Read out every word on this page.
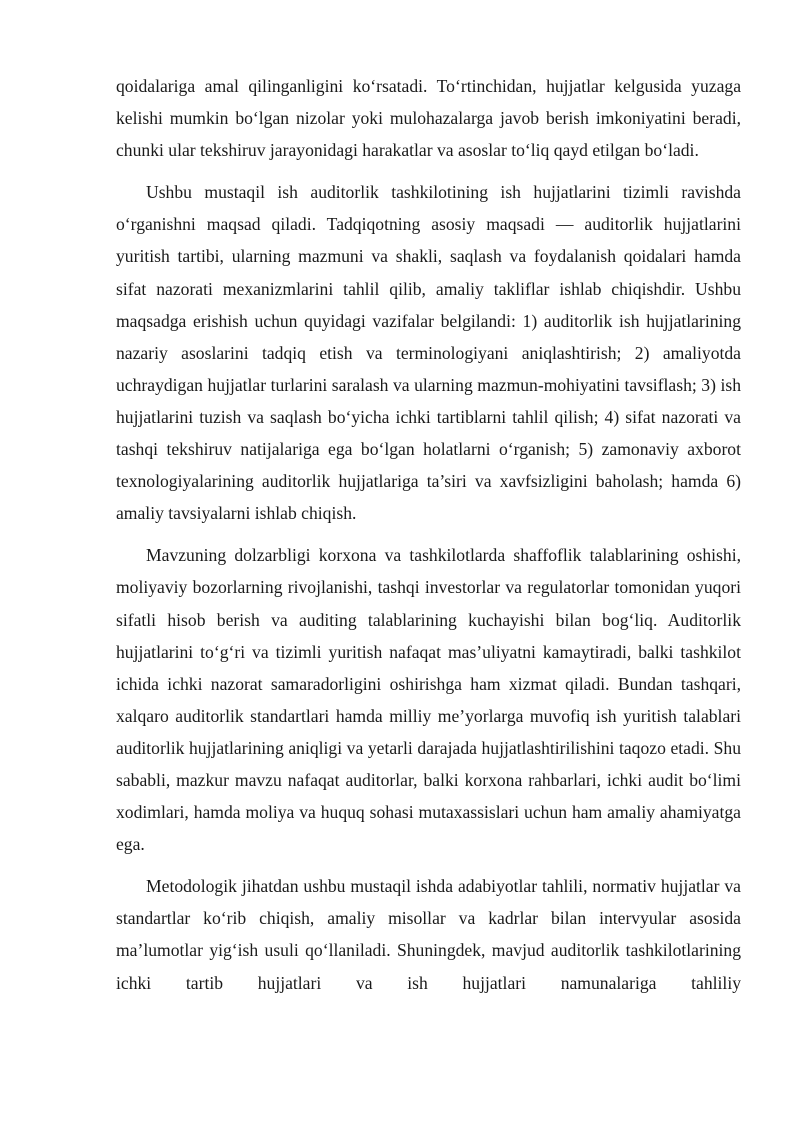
qoidalariga amal qilinganligini ko‘rsatadi. To‘rtinchidan, hujjatlar kelgusida yuzaga kelishi mumkin bo‘lgan nizolar yoki mulohazalarga javob berish imkoniyatini beradi, chunki ular tekshiruv jarayonidagi harakatlar va asoslar to‘liq qayd etilgan bo‘ladi.

Ushbu mustaqil ish auditorlik tashkilotining ish hujjatlarini tizimli ravishda o‘rganishni maqsad qiladi. Tadqiqotning asosiy maqsadi — auditorlik hujjatlarini yuritish tartibi, ularning mazmuni va shakli, saqlash va foydalanish qoidalari hamda sifat nazorati mexanizmlarini tahlil qilib, amaliy takliflar ishlab chiqishdir. Ushbu maqsadga erishish uchun quyidagi vazifalar belgilandi: 1) auditorlik ish hujjatlarining nazariy asoslarini tadqiq etish va terminologiyani aniqlashtirish; 2) amaliyotda uchraydigan hujjatlar turlarini saralash va ularning mazmun-mohiyatini tavsiflash; 3) ish hujjatlarini tuzish va saqlash bo‘yicha ichki tartiblarni tahlil qilish; 4) sifat nazorati va tashqi tekshiruv natijalariga ega bo‘lgan holatlarni o‘rganish; 5) zamonaviy axborot texnologiyalarining auditorlik hujjatlariga ta’siri va xavfsizligini baholash; hamda 6) amaliy tavsiyalarni ishlab chiqish.

Mavzuning dolzarbligi korxona va tashkilotlarda shaffoflik talablarining oshishi, moliyaviy bozorlarning rivojlanishi, tashqi investorlar va regulatorlar tomonidan yuqori sifatli hisob berish va auditing talablarining kuchayishi bilan bog‘liq. Auditorlik hujjatlarini to‘g‘ri va tizimli yuritish nafaqat mas’uliyatni kamaytiradi, balki tashkilot ichida ichki nazorat samaradorligini oshirishga ham xizmat qiladi. Bundan tashqari, xalqaro auditorlik standartlari hamda milliy me’yorlarga muvofiq ish yuritish talablari auditorlik hujjatlarining aniqligi va yetarli darajada hujjatlashtirilishini taqozo etadi. Shu sababli, mazkur mavzu nafaqat auditorlar, balki korxona rahbarlari, ichki audit bo‘limi xodimlari, hamda moliya va huquq sohasi mutaxassislari uchun ham amaliy ahamiyatga ega.

Metodologik jihatdan ushbu mustaqil ishda adabiyotlar tahlili, normativ hujjatlar va standartlar ko‘rib chiqish, amaliy misollar va kadrlar bilan intervyular asosida ma’lumotlar yig‘ish usuli qo‘llaniladi. Shuningdek, mavjud auditorlik tashkilotlarining ichki tartib hujjatlari va ish hujjatlari namunalariga tahliliy
